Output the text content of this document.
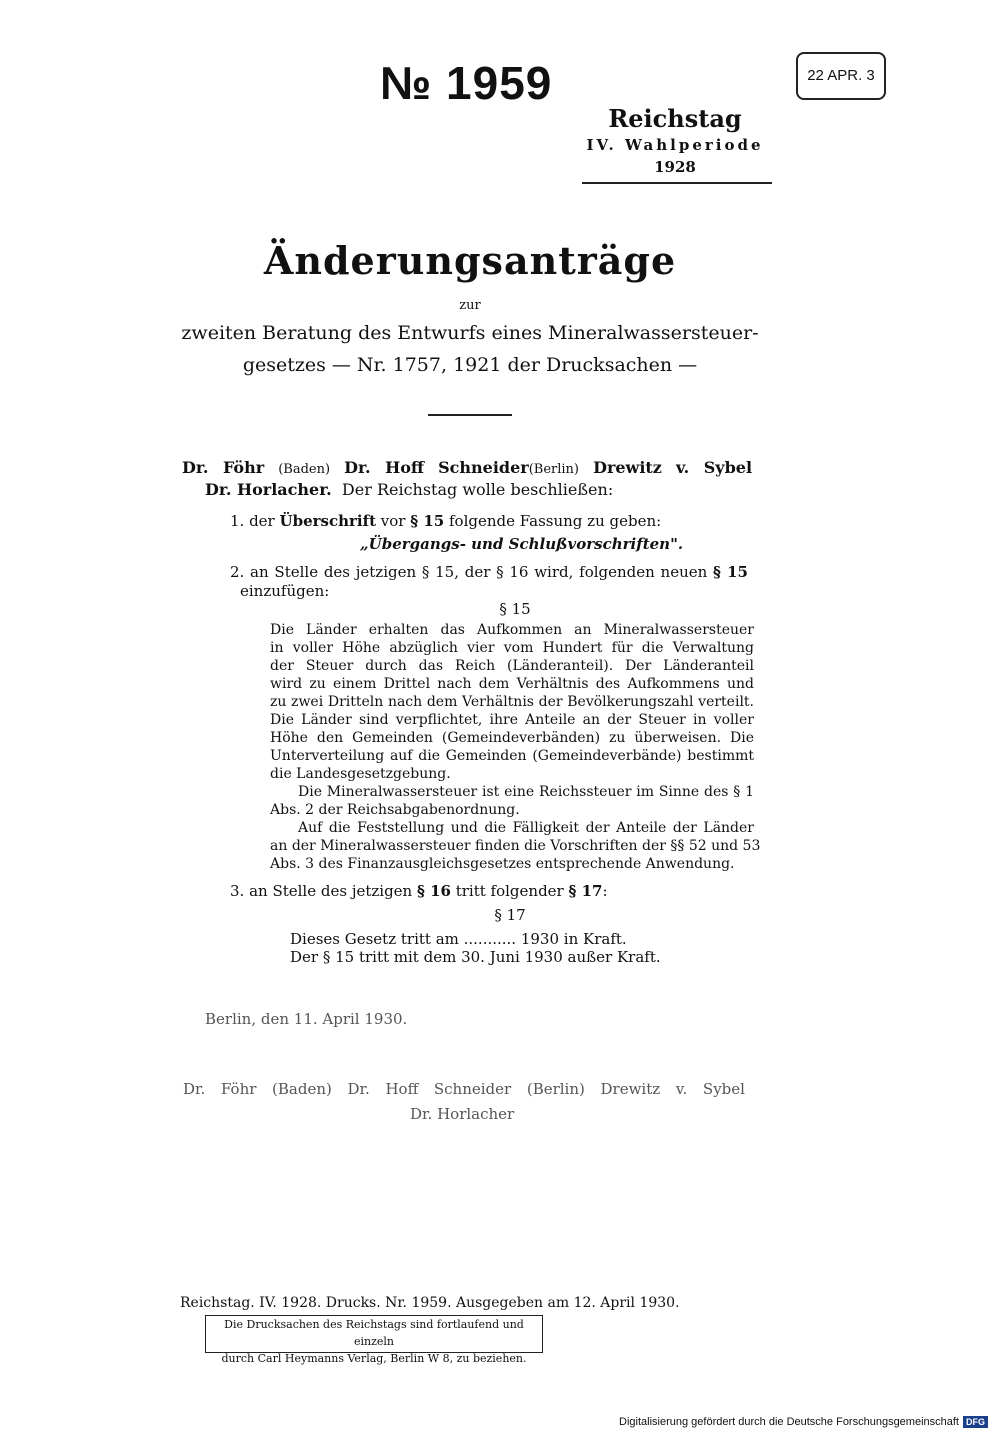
№ 1959	22 APR. 3
Reichstag
IV. Wahlperiode
1928
Änderungsanträge
zur
zweiten Beratung des Entwurfs eines Mineralwassersteuer-
gesetzes — Nr. 1757, 1921 der Drucksachen —
Dr. Föhr (Baden) Dr. Hoff Schneider(Berlin) Drewitz v. Sybel
Dr. Horlacher. Der Reichstag wolle beschließen:
1. der Überschrift vor § 15 folgende Fassung zu geben:
„Übergangs- und Schlußvorschriften".
2. an Stelle des jetzigen § 15, der § 16 wird, folgenden neuen § 15
einzufügen:
§ 15
Die Länder erhalten das Aufkommen an Mineralwassersteuer
in voller Höhe abzüglich vier vom Hundert für die Verwaltung
der Steuer durch das Reich (Länderanteil). Der Länderanteil
wird zu einem Drittel nach dem Verhältnis des Aufkommens und
zu zwei Dritteln nach dem Verhältnis der Bevölkerungszahl verteilt.
Die Länder sind verpflichtet, ihre Anteile an der Steuer in voller
Höhe den Gemeinden (Gemeindeverbänden) zu überweisen. Die
Unterverteilung auf die Gemeinden (Gemeindeverbände) bestimmt
die Landesgesetzgebung.
Die Mineralwassersteuer ist eine Reichssteuer im Sinne des § 1
Abs. 2 der Reichsabgabenordnung.
Auf die Feststellung und die Fälligkeit der Anteile der Länder
an der Mineralwassersteuer finden die Vorschriften der §§ 52 und 53
Abs. 3 des Finanzausgleichsgesetzes entsprechende Anwendung.
3. an Stelle des jetzigen § 16 tritt folgender § 17:
§ 17
Dieses Gesetz tritt am ........... 1930 in Kraft.
Der § 15 tritt mit dem 30. Juni 1930 außer Kraft.
Berlin, den 11. April 1930.
Dr. Föhr (Baden) Dr. Hoff Schneider (Berlin) Drewitz v. Sybel
Dr. Horlacher
Reichstag. IV. 1928. Drucks. Nr. 1959. Ausgegeben am 12. April 1930.
Die Drucksachen des Reichstags sind fortlaufend und einzeln
durch Carl Heymanns Verlag, Berlin W 8, zu beziehen.
Digitalisierung gefördert durch die Deutsche Forschungsgemeinschaft DFG
